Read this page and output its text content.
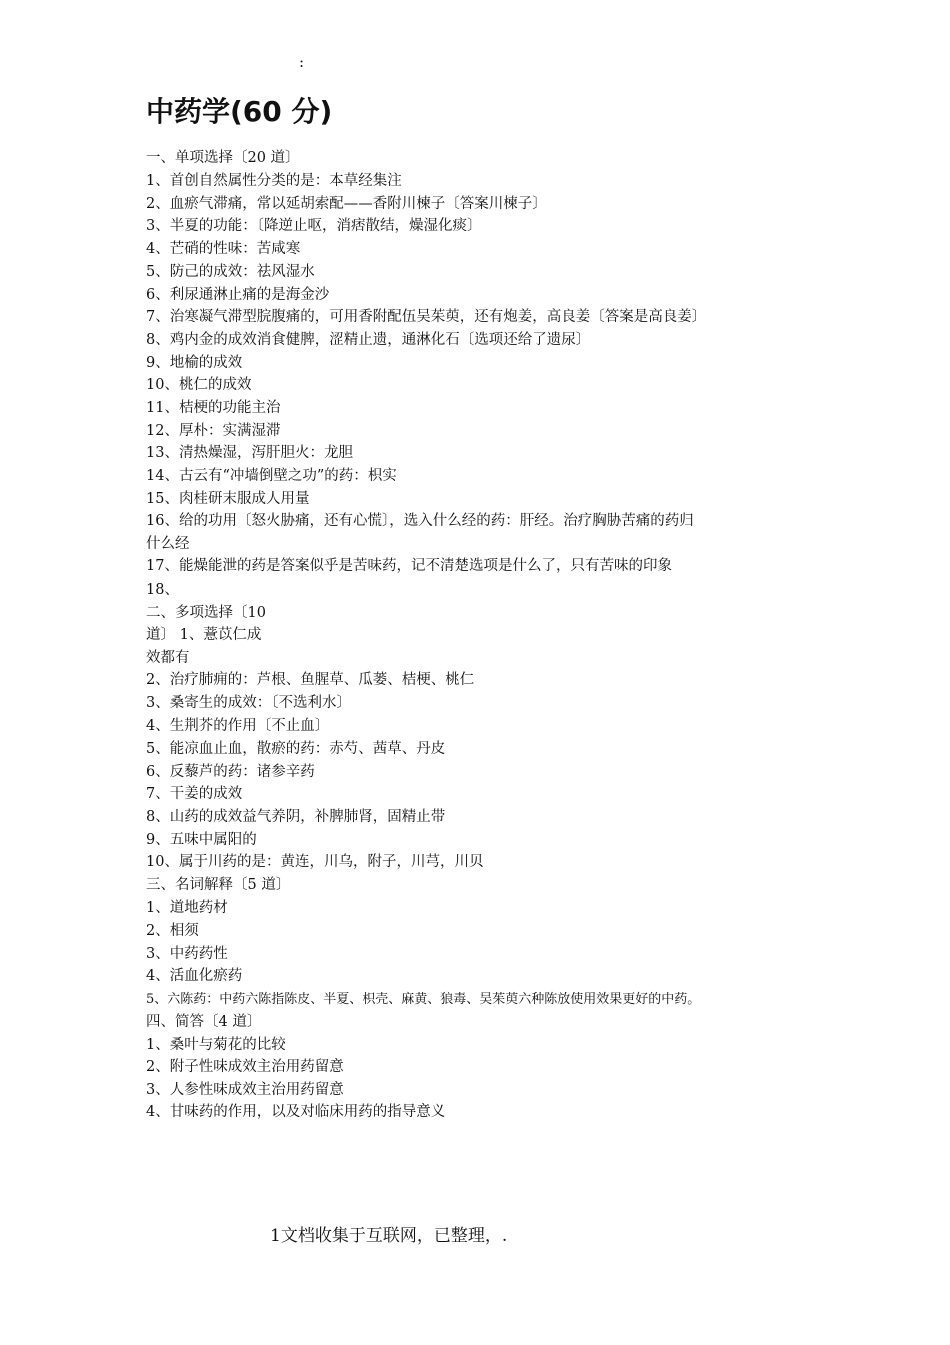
:
中药学(60 分)
一、单项选择〔20 道〕
1、首创自然属性分类的是：本草经集注
2、血瘀气滞痛，常以延胡索配——香附川楝子〔答案川楝子〕
3、半夏的功能：〔降逆止呕，消痞散结，燥湿化痰〕
4、芒硝的性味：苦咸寒
5、防己的成效：祛风湿水
6、利尿通淋止痛的是海金沙
7、治寒凝气滞型脘腹痛的，可用香附配伍吴茱萸，还有炮姜，高良姜〔答案是高良姜〕
8、鸡内金的成效消食健脾，涩精止遗，通淋化石〔选项还给了遗尿〕
9、地榆的成效
10、桃仁的成效
11、桔梗的功能主治
12、厚朴：实满湿滞
13、清热燥湿，泻肝胆火：龙胆
14、古云有“冲墙倒壁之功”的药：枳实
15、肉桂研末服成人用量
16、给的功用〔怒火胁痛，还有心慌〕，选入什么经的药：肝经。治疗胸胁苦痛的药归
什么经
17、能燥能泄的药是答案似乎是苦味药，记不清楚选项是什么了，只有苦味的印象
18、
二、多项选择〔10
道〕 1、薏苡仁成
效都有
2、治疗肺痈的：芦根、鱼腥草、瓜蒌、桔梗、桃仁
3、桑寄生的成效：〔不选利水〕
4、生荆芥的作用〔不止血〕
5、能凉血止血，散瘀的药：赤芍、茜草、丹皮
6、反藜芦的药：诸参辛药
7、干姜的成效
8、山药的成效益气养阴，补脾肺肾，固精止带
9、五味中属阳的
10、属于川药的是：黄连，川乌，附子，川芎，川贝
三、名词解释〔5 道〕
1、道地药材
2、相须
3、中药药性
4、活血化瘀药
5、六陈药：中药六陈指陈皮、半夏、枳壳、麻黄、狼毒、吴茱萸六种陈放使用效果更好的中药。
四、简答〔4 道〕
1、桑叶与菊花的比较
2、附子性味成效主治用药留意
3、人参性味成效主治用药留意
4、甘味药的作用，以及对临床用药的指导意义
1文档收集于互联网，已整理，.
